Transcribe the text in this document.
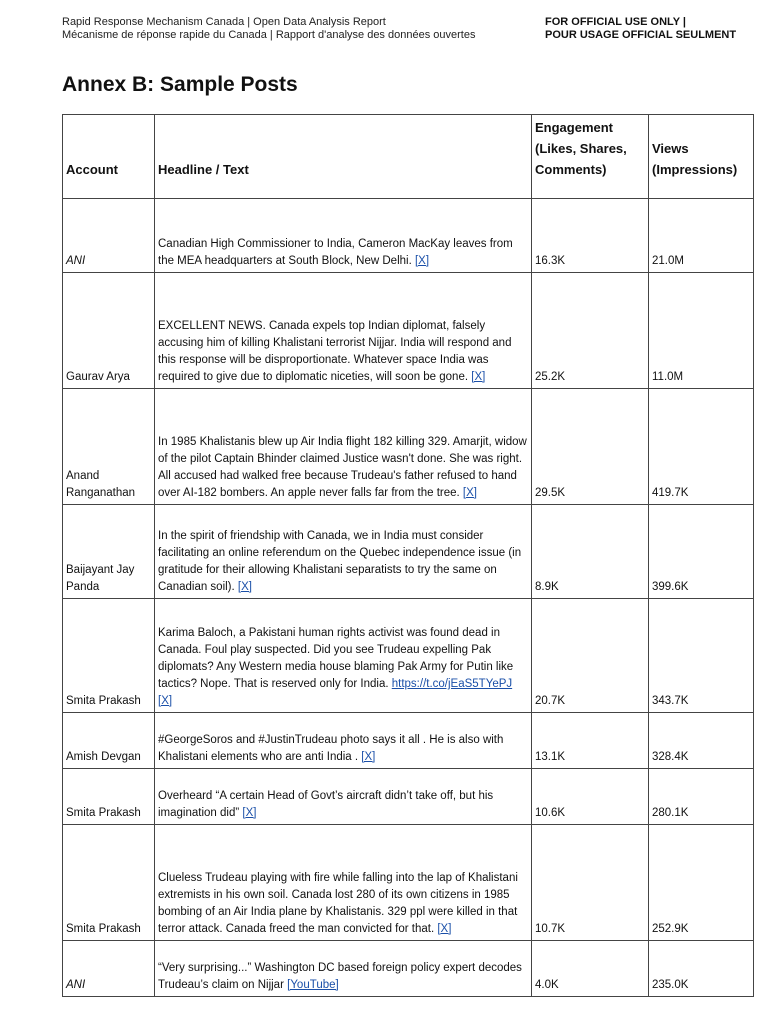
Rapid Response Mechanism Canada | Open Data Analysis Report
Mécanisme de réponse rapide du Canada | Rapport d'analyse des données ouvertes
FOR OFFICIAL USE ONLY |
POUR USAGE OFFICIAL SEULMENT
Annex B: Sample Posts
Account	Headline / Text	Engagement (Likes, Shares, Comments)	Views (Impressions)
ANI	Canadian High Commissioner to India, Cameron MacKay leaves from the MEA headquarters at South Block, New Delhi. [X]	16.3K	21.0M
Gaurav Arya	EXCELLENT NEWS. Canada expels top Indian diplomat, falsely accusing him of killing Khalistani terrorist Nijjar. India will respond and this response will be disproportionate. Whatever space India was required to give due to diplomatic niceties, will soon be gone. [X]	25.2K	11.0M
Anand Ranganathan	In 1985 Khalistanis blew up Air India flight 182 killing 329. Amarjit, widow of the pilot Captain Bhinder claimed Justice wasn't done. She was right. All accused had walked free because Trudeau's father refused to hand over AI-182 bombers. An apple never falls far from the tree. [X]	29.5K	419.7K
Baijayant Jay Panda	In the spirit of friendship with Canada, we in India must consider facilitating an online referendum on the Quebec independence issue (in gratitude for their allowing Khalistani separatists to try the same on Canadian soil). [X]	8.9K	399.6K
Smita Prakash	Karima Baloch, a Pakistani human rights activist was found dead in Canada. Foul play suspected. Did you see Trudeau expelling Pak diplomats? Any Western media house blaming Pak Army for Putin like tactics? Nope. That is reserved only for India. https://t.co/jEaS5TYePJ [X]	20.7K	343.7K
Amish Devgan	#GeorgeSoros and #JustinTrudeau photo says it all . He is also with Khalistani elements who are anti India . [X]	13.1K	328.4K
Smita Prakash	Overheard “A certain Head of Govt’s aircraft didn’t take off, but his imagination did” [X]	10.6K	280.1K
Smita Prakash	Clueless Trudeau playing with fire while falling into the lap of Khalistani extremists in his own soil. Canada lost 280 of its own citizens in 1985 bombing of an Air India plane by Khalistanis. 329 ppl were killed in that terror attack. Canada freed the man convicted for that. [X]	10.7K	252.9K
ANI	“Very surprising...” Washington DC based foreign policy expert decodes Trudeau’s claim on Nijjar [YouTube]	4.0K	235.0K
